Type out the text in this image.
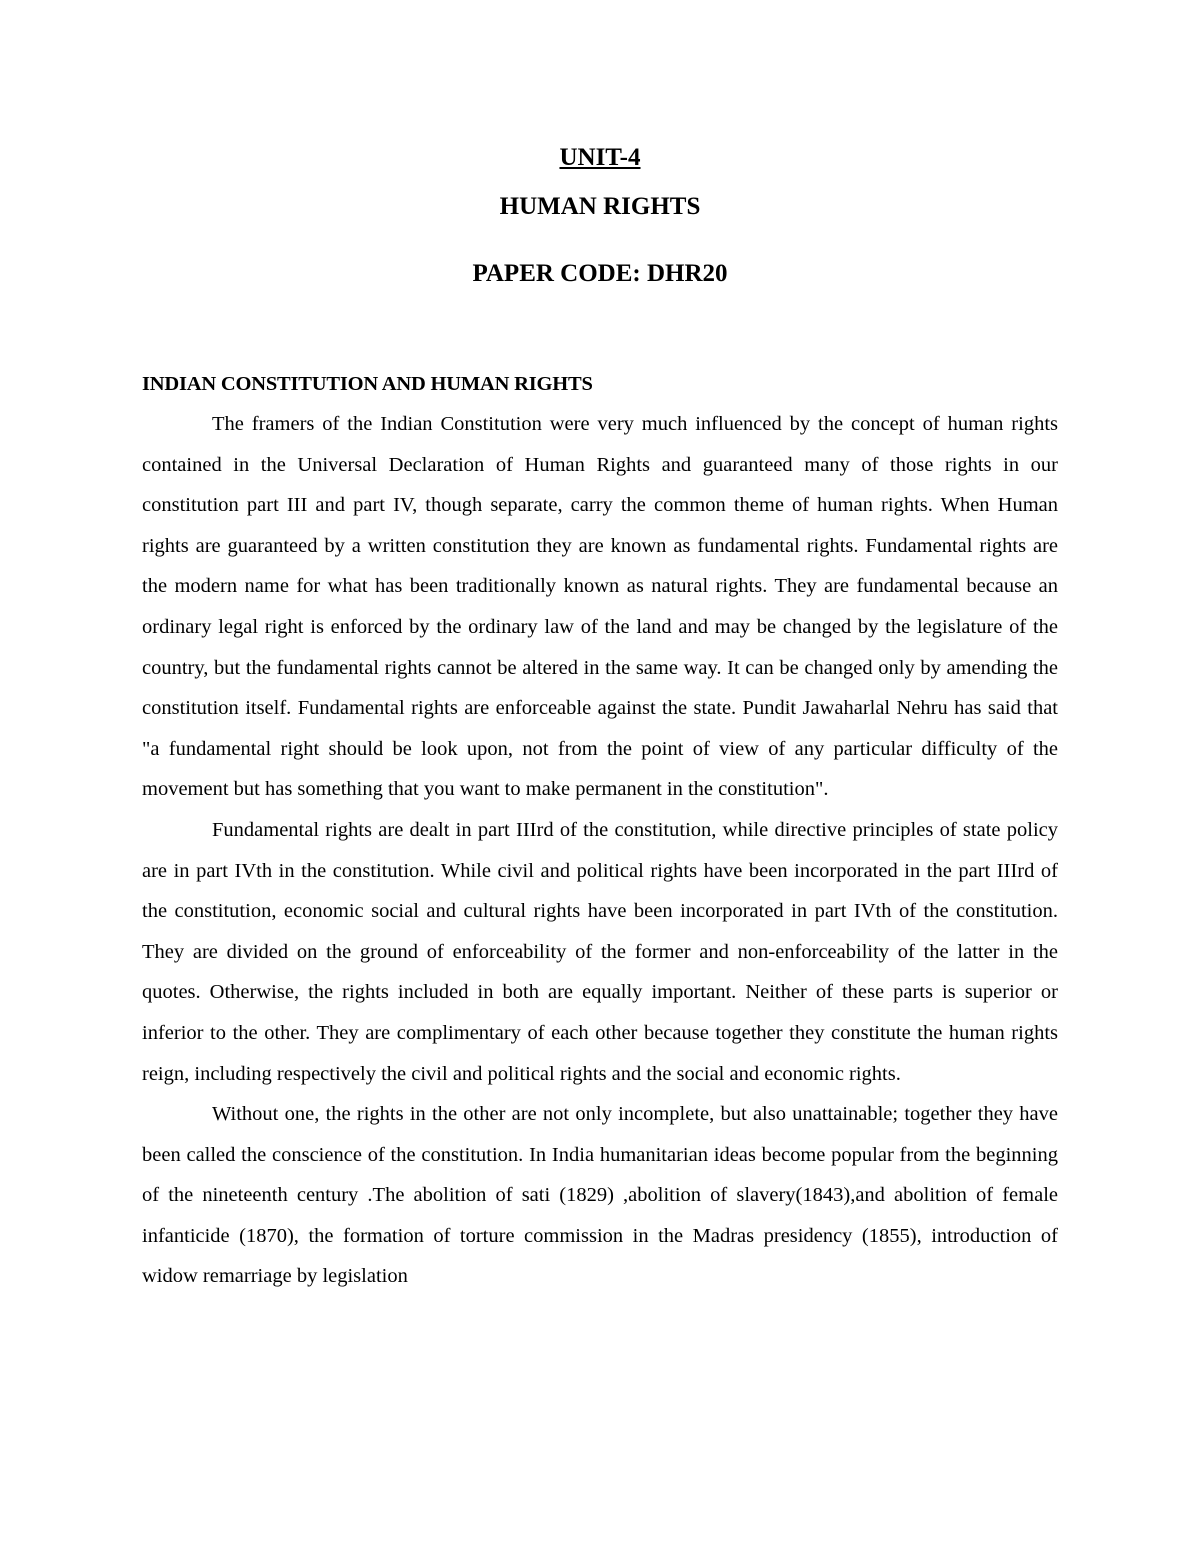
UNIT-4
HUMAN RIGHTS
PAPER CODE: DHR20
INDIAN CONSTITUTION AND HUMAN RIGHTS

The framers of the Indian Constitution were very much influenced by the concept of human rights contained in the Universal Declaration of Human Rights and guaranteed many of those rights in our constitution part III and part IV, though separate, carry the common theme of human rights. When Human rights are guaranteed by a written constitution they are known as fundamental rights. Fundamental rights are the modern name for what has been traditionally known as natural rights. They are fundamental because an ordinary legal right is enforced by the ordinary law of the land and may be changed by the legislature of the country, but the fundamental rights cannot be altered in the same way. It can be changed only by amending the constitution itself. Fundamental rights are enforceable against the state. Pundit Jawaharlal Nehru has said that "a fundamental right should be look upon, not from the point of view of any particular difficulty of the movement but has something that you want to make permanent in the constitution".

Fundamental rights are dealt in part IIIrd of the constitution, while directive principles of state policy are in part IVth in the constitution. While civil and political rights have been incorporated in the part IIIrd of the constitution, economic social and cultural rights have been incorporated in part IVth of the constitution. They are divided on the ground of enforceability of the former and non-enforceability of the latter in the quotes. Otherwise, the rights included in both are equally important. Neither of these parts is superior or inferior to the other. They are complimentary of each other because together they constitute the human rights reign, including respectively the civil and political rights and the social and economic rights.

Without one, the rights in the other are not only incomplete, but also unattainable; together they have been called the conscience of the constitution. In India humanitarian ideas become popular from the beginning of the nineteenth century .The abolition of sati (1829) ,abolition of slavery(1843),and abolition of female infanticide (1870), the formation of torture commission in the Madras presidency (1855), introduction of widow remarriage by legislation
